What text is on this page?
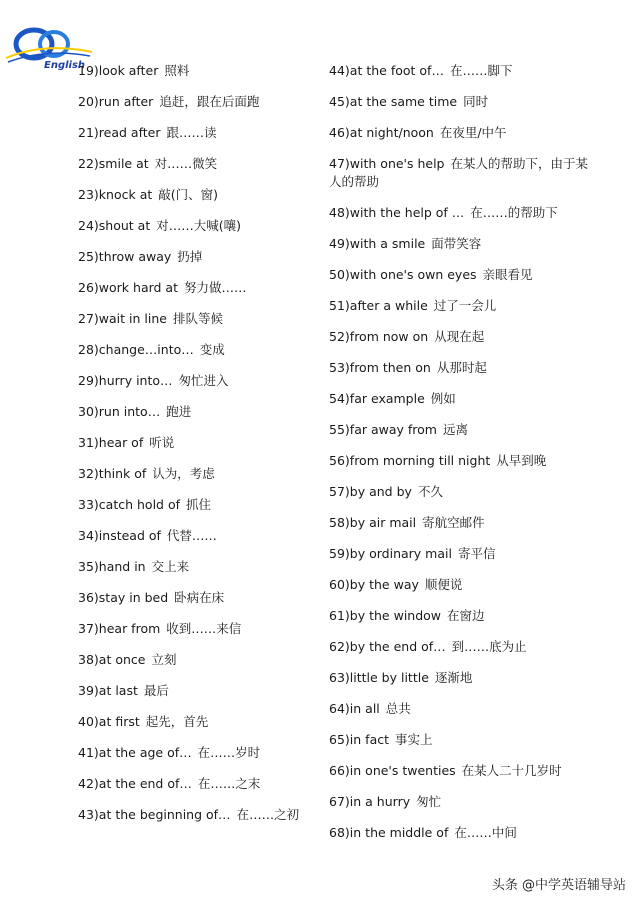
English
19)look after 照料
20)run after 追赶，跟在后面跑
21)read after 跟……读
22)smile at 对……微笑
23)knock at 敲(门、窗)
24)shout at 对……大喊(嚷)
25)throw away 扔掉
26)work hard at 努力做……
27)wait in line 排队等候
28)change…into… 变成
29)hurry into… 匆忙进入
30)run into… 跑进
31)hear of 听说
32)think of 认为，考虑
33)catch hold of 抓住
34)instead of 代替……
35)hand in 交上来
36)stay in bed 卧病在床
37)hear from 收到……来信
38)at once 立刻
39)at last 最后
40)at first 起先，首先
41)at the age of… 在……岁时
42)at the end of… 在……之末
43)at the beginning of… 在……之初
44)at the foot of… 在……脚下
45)at the same time 同时
46)at night/noon 在夜里/中午
47)with one's help 在某人的帮助下，由于某人的帮助
48)with the help of … 在……的帮助下
49)with a smile 面带笑容
50)with one's own eyes 亲眼看见
51)after a while 过了一会儿
52)from now on 从现在起
53)from then on 从那时起
54)far example 例如
55)far away from 远离
56)from morning till night 从早到晚
57)by and by 不久
58)by air mail 寄航空邮件
59)by ordinary mail 寄平信
60)by the way 顺便说
61)by the window 在窗边
62)by the end of… 到……底为止
63)little by little 逐渐地
64)in all 总共
65)in fact 事实上
66)in one's twenties 在某人二十几岁时
67)in a hurry 匆忙
68)in the middle of 在……中间
头条 @中学英语辅导站
